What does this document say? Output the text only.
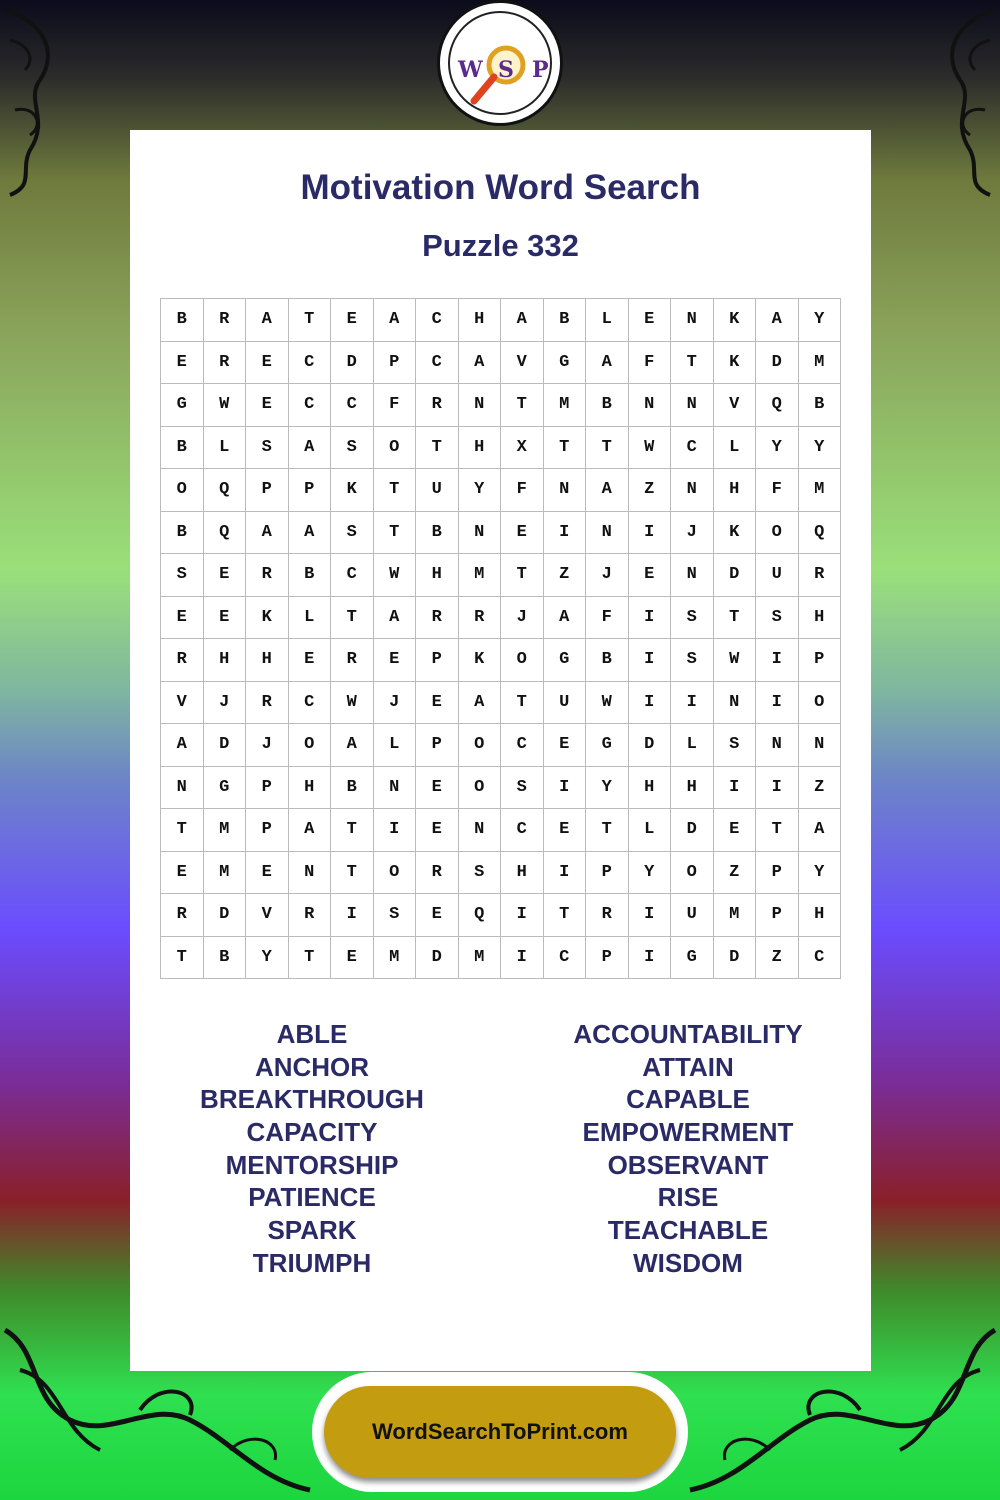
W S P
Motivation Word Search
Puzzle 332
B	R	A	T	E	A	C	H	A	B	L	E	N	K	A	Y
E	R	E	C	D	P	C	A	V	G	A	F	T	K	D	M
G	W	E	C	C	F	R	N	T	M	B	N	N	V	Q	B
B	L	S	A	S	O	T	H	X	T	T	W	C	L	Y	Y
O	Q	P	P	K	T	U	Y	F	N	A	Z	N	H	F	M
B	Q	A	A	S	T	B	N	E	I	N	I	J	K	O	Q
S	E	R	B	C	W	H	M	T	Z	J	E	N	D	U	R
E	E	K	L	T	A	R	R	J	A	F	I	S	T	S	H
R	H	H	E	R	E	P	K	O	G	B	I	S	W	I	P
V	J	R	C	W	J	E	A	T	U	W	I	I	N	I	O
A	D	J	O	A	L	P	O	C	E	G	D	L	S	N	N
N	G	P	H	B	N	E	O	S	I	Y	H	H	I	I	Z
T	M	P	A	T	I	E	N	C	E	T	L	D	E	T	A
E	M	E	N	T	O	R	S	H	I	P	Y	O	Z	P	Y
R	D	V	R	I	S	E	Q	I	T	R	I	U	M	P	H
T	B	Y	T	E	M	D	M	I	C	P	I	G	D	Z	C
ABLE
ANCHOR
BREAKTHROUGH
CAPACITY
MENTORSHIP
PATIENCE
SPARK
TRIUMPH
ACCOUNTABILITY
ATTAIN
CAPABLE
EMPOWERMENT
OBSERVANT
RISE
TEACHABLE
WISDOM
WordSearchToPrint.com
